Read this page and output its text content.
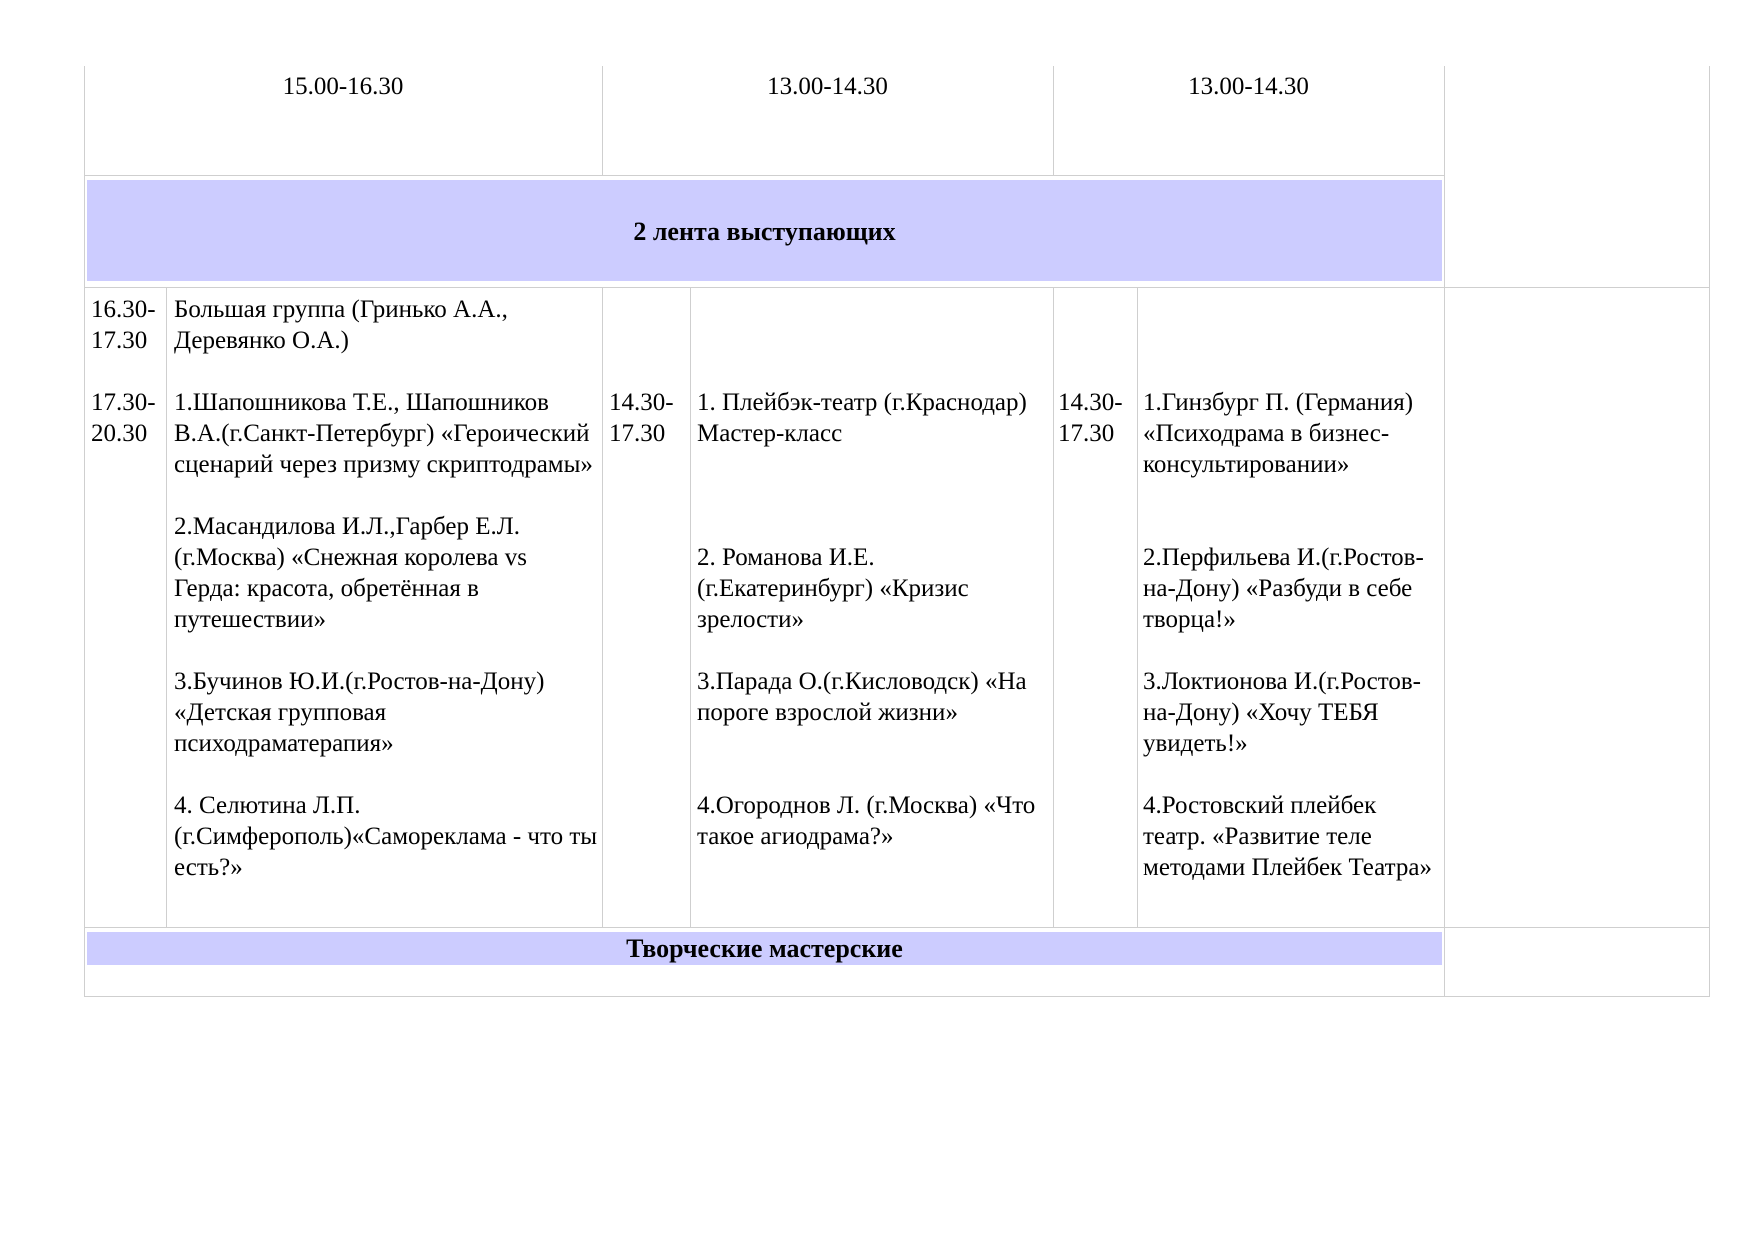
15.00-16.30	13.00-14.30	13.00-14.30
2 лента выступающих
16.30-
17.30

17.30-
20.30
Большая группа (Гринько А.А., Деревянко О.А.)

1.Шапошникова Т.Е., Шапошников В.А.(г.Санкт-Петербург) «Героический сценарий через призму скриптодрамы»

2.Масандилова И.Л.,Гарбер Е.Л. (г.Москва) «Снежная королева vs Герда: красота, обретённая в путешествии»

3.Бучинов Ю.И.(г.Ростов-на-Дону) «Детская групповая психодраматерапия»

4. Селютина Л.П. (г.Симферополь)«Самореклама - что ты есть?»
14.30-
17.30
1. Плейбэк-театр (г.Краснодар) Мастер-класс

2. Романова И.Е. (г.Екатеринбург) «Кризис зрелости»

3.Парада О.(г.Кисловодск) «На пороге взрослой жизни»

4.Огороднов Л. (г.Москва) «Что такое агиодрама?»
14.30-
17.30
1.Гинзбург П. (Германия) «Психодрама в бизнес-консультировании»

2.Перфильева И.(г.Ростов-на-Дону) «Разбуди в себе творца!»

3.Локтионова И.(г.Ростов-на-Дону) «Хочу ТЕБЯ увидеть!»

4.Ростовский плейбек театр. «Развитие теле методами Плейбек Театра»
Творческие мастерские
